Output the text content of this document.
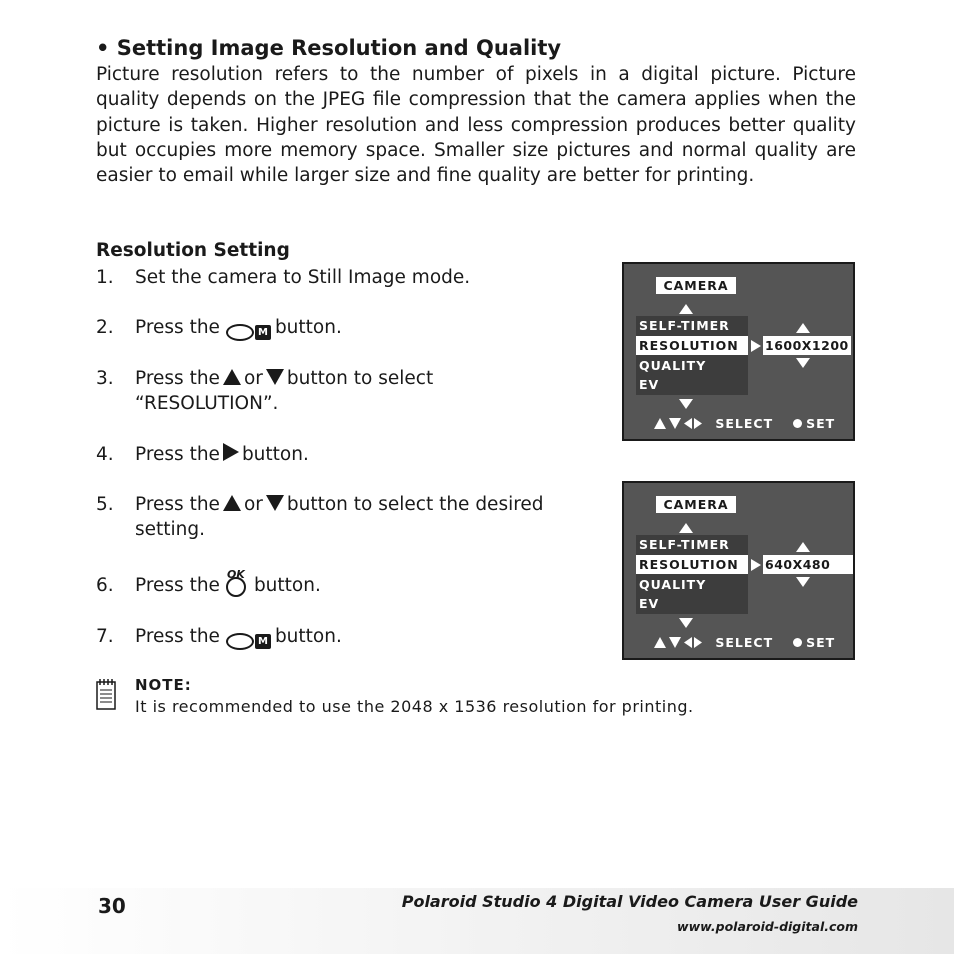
• Setting Image Resolution and Quality

Picture resolution refers to the number of pixels in a digital picture. Picture quality depends on the JPEG file compression that the camera applies when the picture is taken. Higher resolution and less compression produces better quality but occupies more memory space. Smaller size pictures and normal quality are easier to email while larger size and fine quality are better for printing.

Resolution Setting
1. Set the camera to Still Image mode.
2. Press the	M button.
3. Press the or button to select
“RESOLUTION”.
4. Press the button.
5. Press the or button to select the desired
setting.
6. Press the
OK
button.
7. Press the	M button.
CAMERA
SELF-TIMER
RESOLUTION
QUALITY
EV
1600X1200
SELECT	SET
CAMERA
SELF-TIMER
RESOLUTION
QUALITY
EV
640X480
SELECT	SET
NOTE:
It is recommended to use the 2048 x 1536 resolution for printing.
30	Polaroid Studio 4 Digital Video Camera User Guide
www.polaroid-digital.com
